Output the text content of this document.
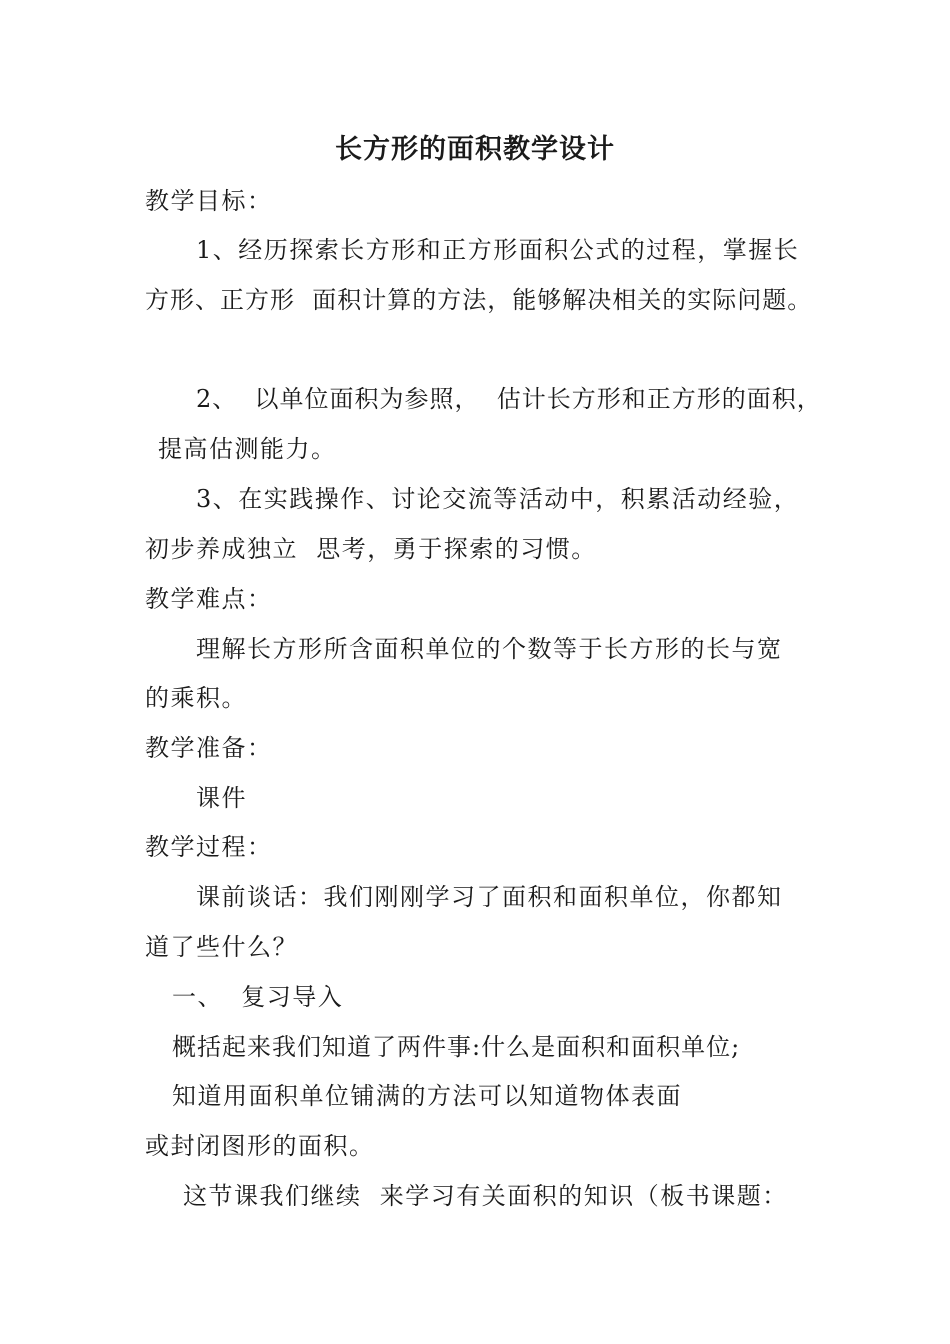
长方形的面积教学设计
教学目标：
1、经历探索长方形和正方形面积公式的过程，掌握长
方形、正方形  面积计算的方法，能够解决相关的实际问题。
2、  以单位面积为参照，  估计长方形和正方形的面积，
提高估测能力。
3、在实践操作、讨论交流等活动中，积累活动经验，
初步养成独立  思考，勇于探索的习惯。
教学难点：
理解长方形所含面积单位的个数等于长方形的长与宽
的乘积。
教学准备：
课件
教学过程：
课前谈话：我们刚刚学习了面积和面积单位，你都知
道了些什么？
一、  复习导入
概括起来我们知道了两件事:什么是面积和面积单位;
知道用面积单位铺满的方法可以知道物体表面
或封闭图形的面积。
这节课我们继续  来学习有关面积的知识（板书课题：
